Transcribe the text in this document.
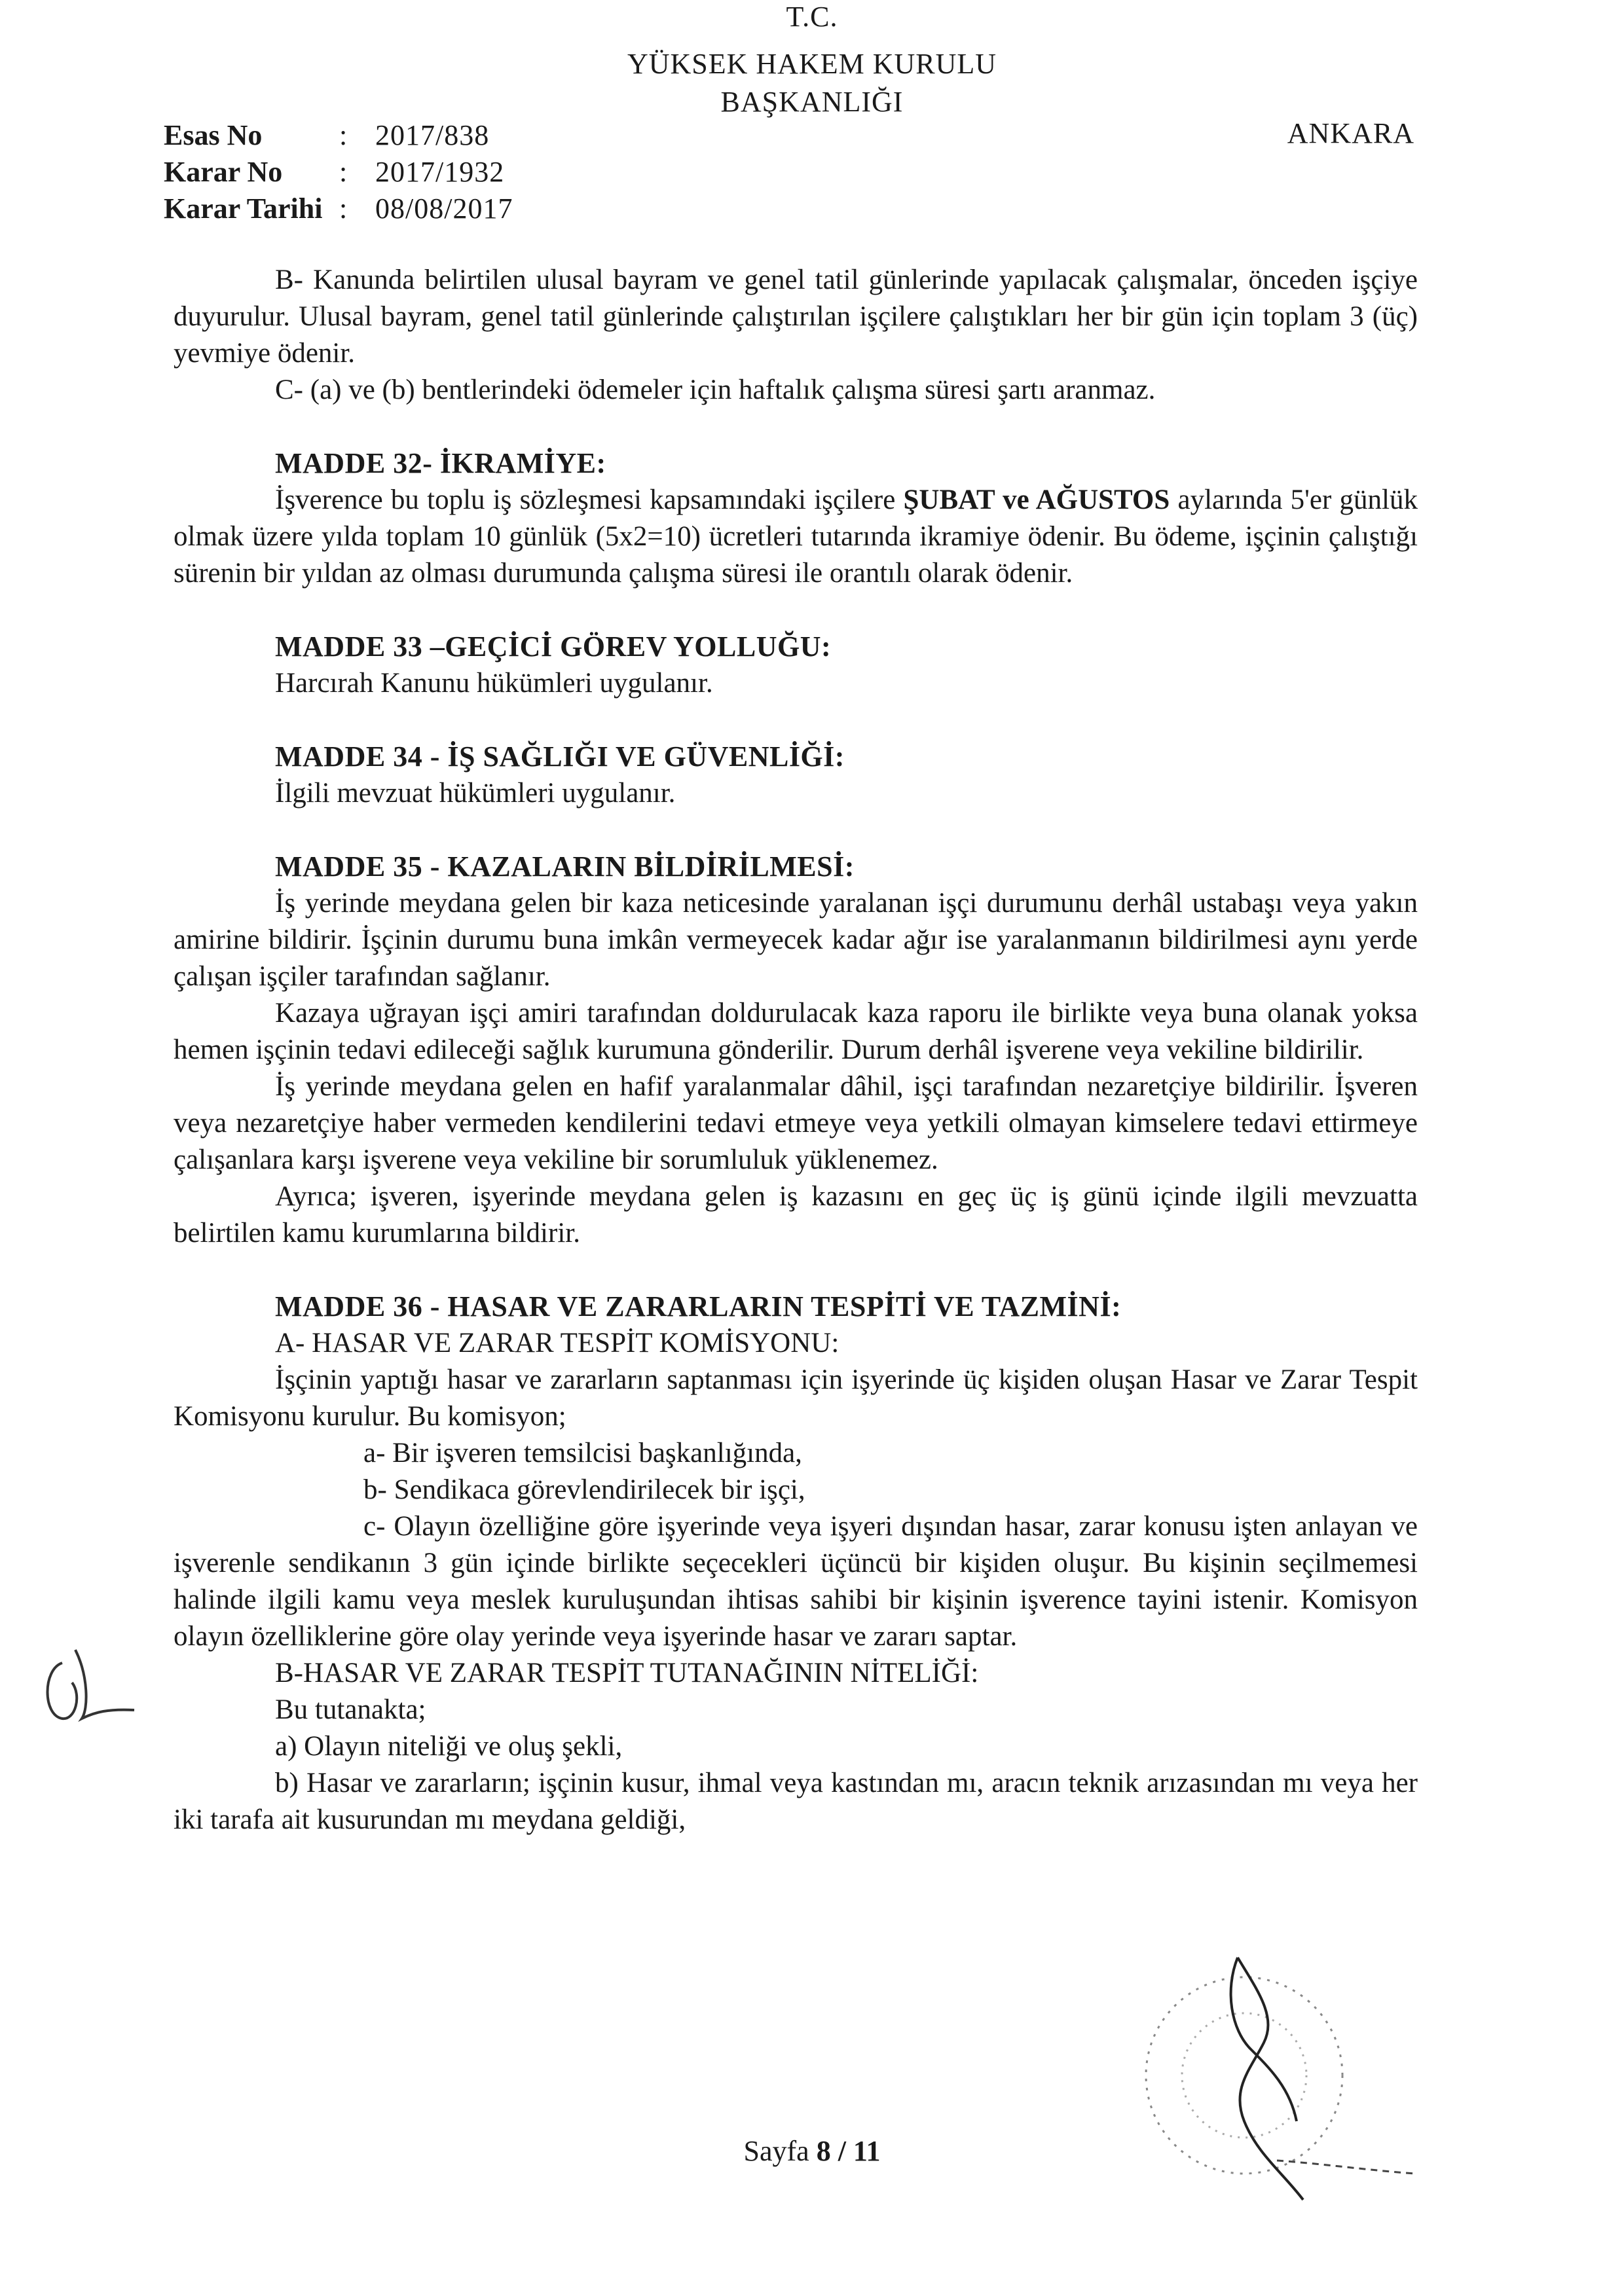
T.C.
YÜKSEK HAKEM KURULU
BAŞKANLIĞI
ANKARA
Esas No	: 2017/838
Karar No	: 2017/1932
Karar Tarihi : 08/08/2017

B- Kanunda belirtilen ulusal bayram ve genel tatil günlerinde yapılacak çalışmalar, önceden işçiye duyurulur. Ulusal bayram, genel tatil günlerinde çalıştırılan işçilere çalıştıkları her bir gün için toplam 3 (üç) yevmiye ödenir.

C- (a) ve (b) bentlerindeki ödemeler için haftalık çalışma süresi şartı aranmaz.

MADDE 32- İKRAMİYE:

İşverence bu toplu iş sözleşmesi kapsamındaki işçilere ŞUBAT ve AĞUSTOS aylarında 5'er günlük olmak üzere yılda toplam 10 günlük (5x2=10) ücretleri tutarında ikramiye ödenir. Bu ödeme, işçinin çalıştığı sürenin bir yıldan az olması durumunda çalışma süresi ile orantılı olarak ödenir.

MADDE 33 –GEÇİCİ GÖREV YOLLUĞU:

Harcırah Kanunu hükümleri uygulanır.

MADDE 34 - İŞ SAĞLIĞI VE GÜVENLİĞİ:

İlgili mevzuat hükümleri uygulanır.

MADDE 35 - KAZALARIN BİLDİRİLMESİ:

İş yerinde meydana gelen bir kaza neticesinde yaralanan işçi durumunu derhâl ustabaşı veya yakın amirine bildirir. İşçinin durumu buna imkân vermeyecek kadar ağır ise yaralanmanın bildirilmesi aynı yerde çalışan işçiler tarafından sağlanır.

Kazaya uğrayan işçi amiri tarafından doldurulacak kaza raporu ile birlikte veya buna olanak yoksa hemen işçinin tedavi edileceği sağlık kurumuna gönderilir. Durum derhâl işverene veya vekiline bildirilir.

İş yerinde meydana gelen en hafif yaralanmalar dâhil, işçi tarafından nezaretçiye bildirilir. İşveren veya nezaretçiye haber vermeden kendilerini tedavi etmeye veya yetkili olmayan kimselere tedavi ettirmeye çalışanlara karşı işverene veya vekiline bir sorumluluk yüklenemez.

Ayrıca; işveren, işyerinde meydana gelen iş kazasını en geç üç iş günü içinde ilgili mevzuatta belirtilen kamu kurumlarına bildirir.

MADDE 36 - HASAR VE ZARARLARIN TESPİTİ VE TAZMİNİ:

A- HASAR VE ZARAR TESPİT KOMİSYONU:

İşçinin yaptığı hasar ve zararların saptanması için işyerinde üç kişiden oluşan Hasar ve Zarar Tespit Komisyonu kurulur. Bu komisyon;

a- Bir işveren temsilcisi başkanlığında,

b- Sendikaca görevlendirilecek bir işçi,

c- Olayın özelliğine göre işyerinde veya işyeri dışından hasar, zarar konusu işten anlayan ve işverenle sendikanın 3 gün içinde birlikte seçecekleri üçüncü bir kişiden oluşur. Bu kişinin seçilmemesi halinde ilgili kamu veya meslek kuruluşundan ihtisas sahibi bir kişinin işverence tayini istenir. Komisyon olayın özelliklerine göre olay yerinde veya işyerinde hasar ve zararı saptar.

B-HASAR VE ZARAR TESPİT TUTANAĞININ NİTELİĞİ:

Bu tutanakta;

a) Olayın niteliği ve oluş şekli,

b) Hasar ve zararların; işçinin kusur, ihmal veya kastından mı, aracın teknik arızasından mı veya her iki tarafa ait kusurundan mı meydana geldiği,

Sayfa 8 / 11
